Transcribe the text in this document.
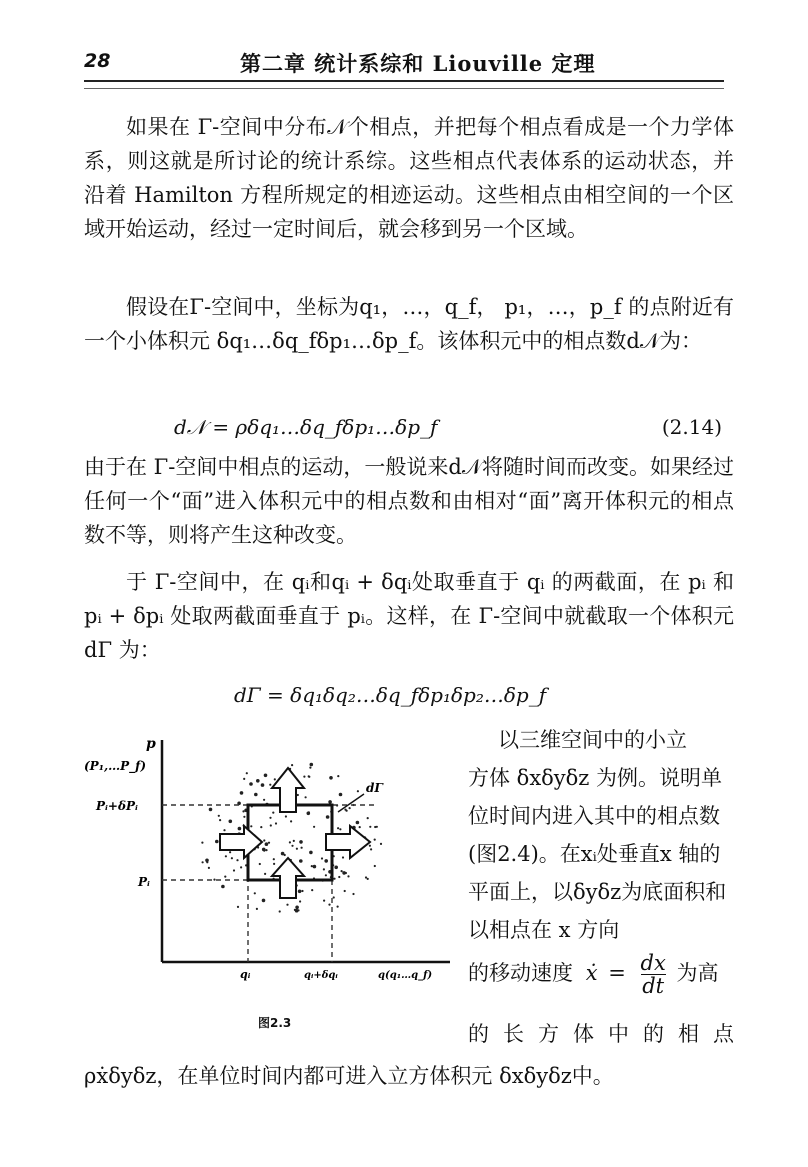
28	第二章 统计系综和 Liouville 定理
如果在 Γ-空间中分布𝒩个相点，并把每个相点看成是一个力学体系，则这就是所讨论的统计系综。这些相点代表体系的运动状态，并沿着 Hamilton 方程所规定的相迹运动。这些相点由相空间的一个区域开始运动，经过一定时间后，就会移到另一个区域。
假设在Γ-空间中，坐标为q₁，…，q_f， p₁，…，p_f 的点附近有一个小体积元 δq₁…δq_fδp₁…δp_f。该体积元中的相点数d𝒩为：
d𝒩 = ρδq₁…δq_fδp₁…δp_f	(2.14)
由于在 Γ-空间中相点的运动，一般说来d𝒩将随时间而改变。如果经过任何一个“面”进入体积元中的相点数和由相对“面”离开体积元的相点数不等，则将产生这种改变。
于 Γ-空间中，在 qᵢ和qᵢ + δqᵢ处取垂直于 qᵢ 的两截面，在 pᵢ 和 pᵢ + δpᵢ 处取两截面垂直于 pᵢ。这样，在 Γ-空间中就截取一个体积元 dΓ 为：
dΓ = δq₁δq₂…δq_fδp₁δp₂…δp_f
以三维空间中的小立
方体 δxδyδz 为例。说明单位时间内进入其中的相点数(图2.4)。在xᵢ处垂直x 轴的平面上，以δyδz为底面积和以相点在 x 方向
的移动速度 ẋ = $\frac{dx}{dt}$ 为高
的长方体中的相点
ρẋδyδz，在单位时间内都可进入立方体积元 δxδyδz中。
p
(P₁,…P_f)
Pᵢ+δPᵢ
Pᵢ
qᵢ	qᵢ+δqᵢ	q(q₁…q_f)
dΓ
图2.3
